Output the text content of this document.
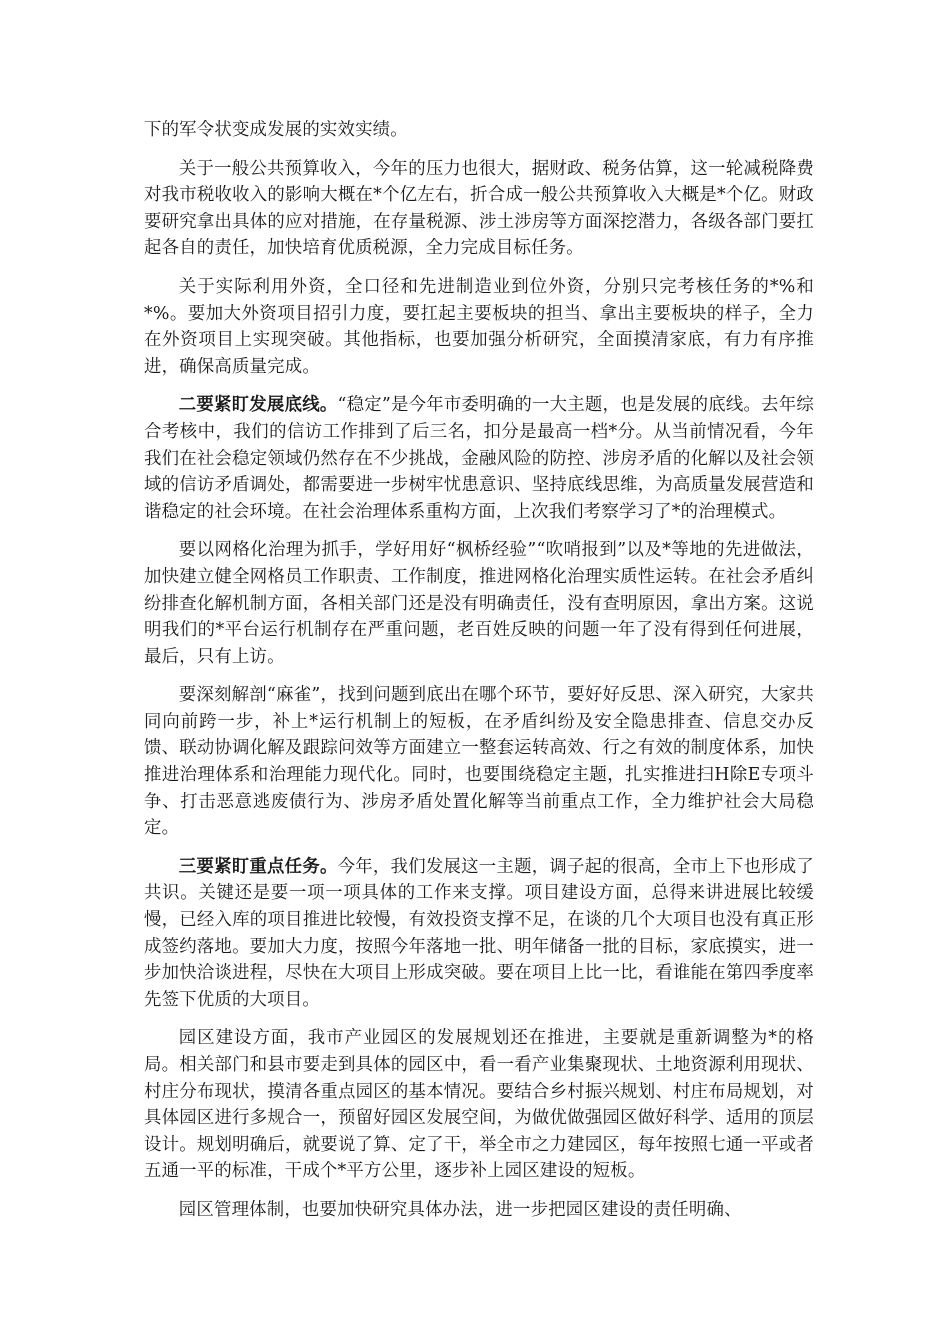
下的军令状变成发展的实效实绩。

关于一般公共预算收入，今年的压力也很大，据财政、税务估算，这一轮减税降费对我市税收收入的影响大概在*个亿左右，折合成一般公共预算收入大概是*个亿。财政要研究拿出具体的应对措施，在存量税源、涉土涉房等方面深挖潜力，各级各部门要扛起各自的责任，加快培育优质税源，全力完成目标任务。

关于实际利用外资，全口径和先进制造业到位外资，分别只完考核任务的*%和*%。要加大外资项目招引力度，要扛起主要板块的担当、拿出主要板块的样子，全力在外资项目上实现突破。其他指标，也要加强分析研究，全面摸清家底，有力有序推进，确保高质量完成。

二要紧盯发展底线。“稳定”是今年市委明确的一大主题，也是发展的底线。去年综合考核中，我们的信访工作排到了后三名，扣分是最高一档*分。从当前情况看，今年我们在社会稳定领域仍然存在不少挑战，金融风险的防控、涉房矛盾的化解以及社会领域的信访矛盾调处，都需要进一步树牢忧患意识、坚持底线思维，为高质量发展营造和谐稳定的社会环境。在社会治理体系重构方面，上次我们考察学习了*的治理模式。

要以网格化治理为抓手，学好用好“枫桥经验”“吹哨报到”以及*等地的先进做法，加快建立健全网格员工作职责、工作制度，推进网格化治理实质性运转。在社会矛盾纠纷排查化解机制方面，各相关部门还是没有明确责任，没有查明原因，拿出方案。这说明我们的*平台运行机制存在严重问题，老百姓反映的问题一年了没有得到任何进展，最后，只有上访。

要深刻解剖“麻雀”，找到问题到底出在哪个环节，要好好反思、深入研究，大家共同向前跨一步，补上*运行机制上的短板，在矛盾纠纷及安全隐患排查、信息交办反馈、联动协调化解及跟踪问效等方面建立一整套运转高效、行之有效的制度体系，加快推进治理体系和治理能力现代化。同时，也要围绕稳定主题，扎实推进扫H除E专项斗争、打击恶意逃废债行为、涉房矛盾处置化解等当前重点工作，全力维护社会大局稳定。

三要紧盯重点任务。今年，我们发展这一主题，调子起的很高，全市上下也形成了共识。关键还是要一项一项具体的工作来支撑。项目建设方面，总得来讲进展比较缓慢，已经入库的项目推进比较慢，有效投资支撑不足，在谈的几个大项目也没有真正形成签约落地。要加大力度，按照今年落地一批、明年储备一批的目标，家底摸实，进一步加快洽谈进程，尽快在大项目上形成突破。要在项目上比一比，看谁能在第四季度率先签下优质的大项目。

园区建设方面，我市产业园区的发展规划还在推进，主要就是重新调整为*的格局。相关部门和县市要走到具体的园区中，看一看产业集聚现状、土地资源利用现状、村庄分布现状，摸清各重点园区的基本情况。要结合乡村振兴规划、村庄布局规划，对具体园区进行多规合一，预留好园区发展空间，为做优做强园区做好科学、适用的顶层设计。规划明确后，就要说了算、定了干，举全市之力建园区，每年按照七通一平或者五通一平的标准，干成个*平方公里，逐步补上园区建设的短板。

园区管理体制，也要加快研究具体办法，进一步把园区建设的责任明确、
